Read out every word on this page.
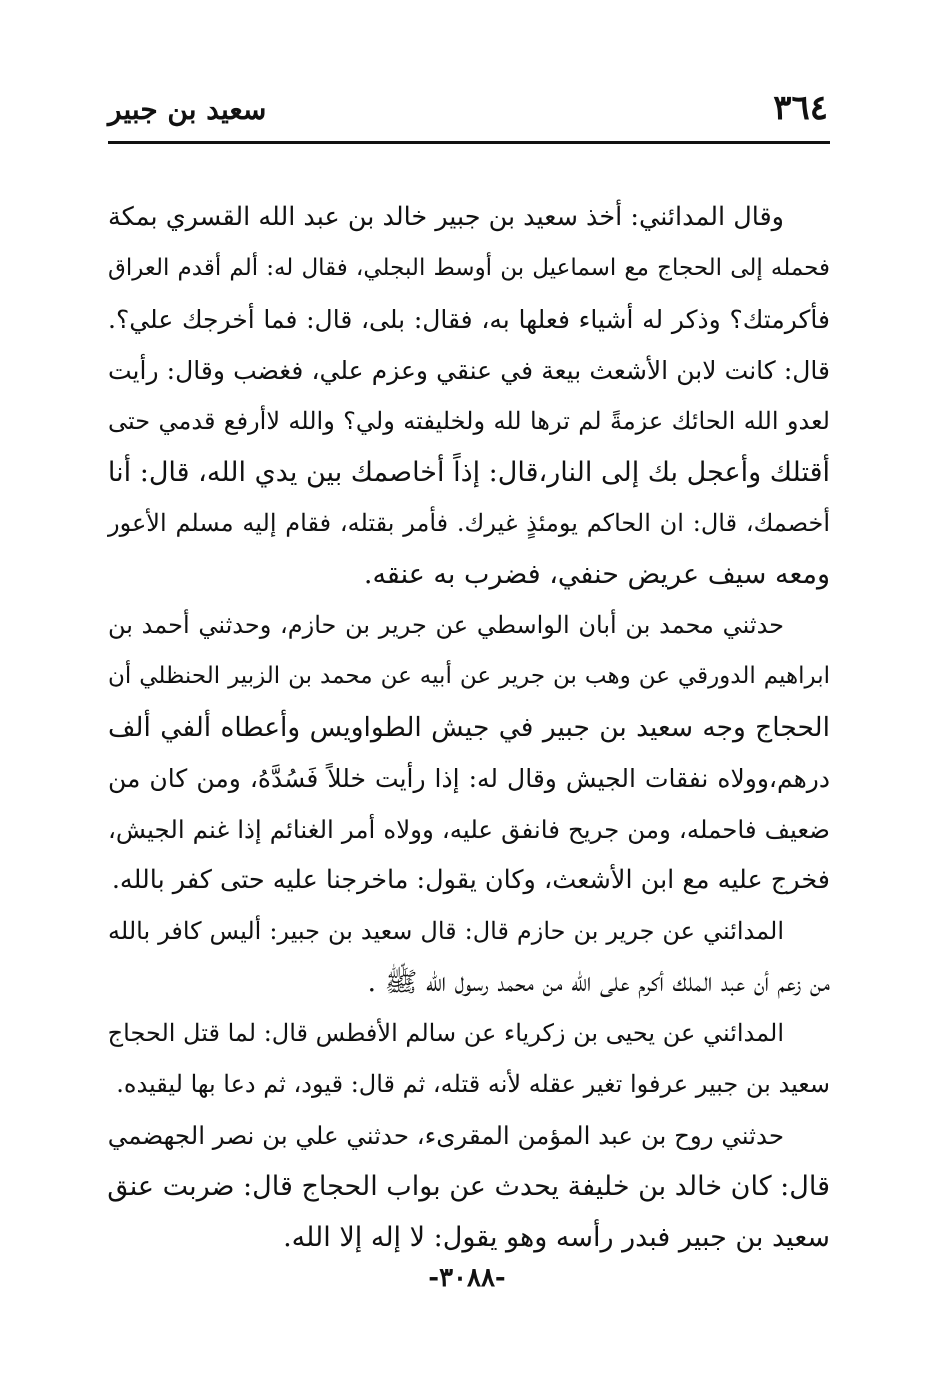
٣٦٤
سعيد بن جبير
وقال المدائني: أخذ سعيد بن جبير خالد بن عبد الله القسري بمكة
فحمله إلى الحجاج مع اسماعيل بن أوسط البجلي، فقال له: ألم أقدم العراق
فأكرمتك؟ وذكر له أشياء فعلها به، فقال: بلى، قال: فما أخرجك علي؟.
قال: كانت لابن الأشعث بيعة في عنقي وعزم علي، فغضب وقال: رأيت
لعدو الله الحائك عزمةً لم ترها لله ولخليفته ولي؟ والله لاأرفع قدمي حتى
أقتلك وأعجل بك إلى النار،قال: إذاً أخاصمك بين يدي الله، قال: أنا
أخصمك، قال: ان الحاكم يومئذٍ غيرك. فأمر بقتله، فقام إليه مسلم الأعور
ومعه سيف عريض حنفي، فضرب به عنقه.
حدثني محمد بن أبان الواسطي عن جرير بن حازم، وحدثني أحمد بن
ابراهيم الدورقي عن وهب بن جرير عن أبيه عن محمد بن الزبير الحنظلي أن
الحجاج وجه سعيد بن جبير في جيش الطواويس وأعطاه ألفي ألف
درهم،وولاه نفقات الجيش وقال له: إذا رأيت خللاً فَسُدَّهُ، ومن كان من
ضعيف فاحمله، ومن جريح فانفق عليه، وولاه أمر الغنائم إذا غنم الجيش،
فخرج عليه مع ابن الأشعث، وكان يقول: ماخرجنا عليه حتى كفر بالله.
المدائني عن جرير بن حازم قال: قال سعيد بن جبير: أليس كافر بالله
من زعم أن عبد الملك أكرم على الله من محمد رسول الله ﷺ .
المدائني عن يحيى بن زكرياء عن سالم الأفطس قال: لما قتل الحجاج
سعيد بن جبير عرفوا تغير عقله لأنه قتله، ثم قال: قيود، ثم دعا بها ليقيده.
حدثني روح بن عبد المؤمن المقرىء، حدثني علي بن نصر الجهضمي
قال: كان خالد بن خليفة يحدث عن بواب الحجاج قال: ضربت عنق
سعيد بن جبير فبدر رأسه وهو يقول: لا إله إلا الله.
-٣٠٨٨-
